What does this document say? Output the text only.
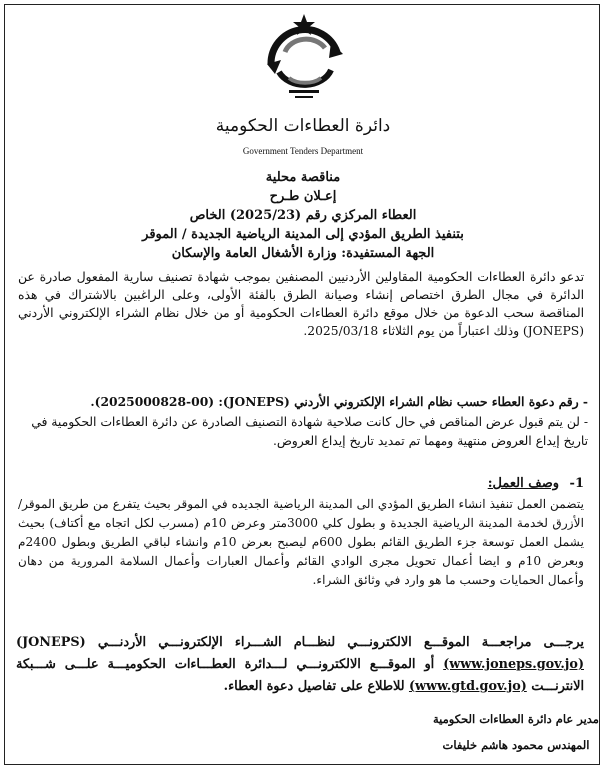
دائرة العطاءات الحكومية
Government Tenders Department
مناقصة محلية
إعـلان طـرح
العطاء المركزي رقم (2025/23) الخاص
بتنفيذ الطريق المؤدي إلى المدينة الرياضية الجديدة / الموقر
الجهة المستفيدة: وزارة الأشغال العامة والإسكان
تدعو دائرة العطاءات الحكومية المقاولين الأردنيين المصنفين بموجب شهادة تصنيف سارية المفعول صادرة عن الدائرة في مجال الطرق اختصاص إنشاء وصيانة الطرق بالفئة الأولى، وعلى الراغبين بالاشتراك في هذه المناقصة سحب الدعوة من خلال موقع دائرة العطاءات الحكومية أو من خلال نظام الشراء الإلكتروني الأردني (JONEPS) وذلك اعتباراً من يوم الثلاثاء 2025/03/18.
- رقم دعوة العطاء حسب نظام الشراء الإلكتروني الأردني (JONEPS): (2025000828-00).
- لن يتم قبول عرض المناقص في حال كانت صلاحية شهادة التصنيف الصادرة عن دائرة العطاءات الحكومية في تاريخ إيداع العروض منتهية ومهما تم تمديد تاريخ إيداع العروض.
1- وصف العمل:
يتضمن العمل تنفيذ انشاء الطريق المؤدي الى المدينة الرياضية الجديده في الموقر بحيث يتفرع من طريق الموقر/ الأزرق لخدمة المدينة الرياضية الجديدة و بطول كلي 3000متر وعرض 10م (مسرب لكل اتجاه مع أكتاف) بحيث يشمل العمل توسعة جزء الطريق القائم بطول 600م ليصبح بعرض 10م وانشاء لباقي الطريق وبطول 2400م وبعرض 10م و ايضا أعمال تحويل مجرى الوادي القائم وأعمال العبارات وأعمال السلامة المرورية من دهان وأعمال الحمايات وحسب ما هو وارد في وثائق الشراء.
يرجـــى مراجعـــة الموقـــع الالكترونـــي لنظـــام الشـــراء الإلكترونـــي الأردنـــي (JONEPS) (www.joneps.gov.jo) أو الموقـــع الالكترونـــي لـــدائرة العطـــاءات الحكوميـــة علـــى شـــبكة الانترنـــت (www.gtd.gov.jo) للاطلاع على تفاصيل دعوة العطاء.
مدير عام دائرة العطاءات الحكومية
المهندس محمود هاشم خليفات
